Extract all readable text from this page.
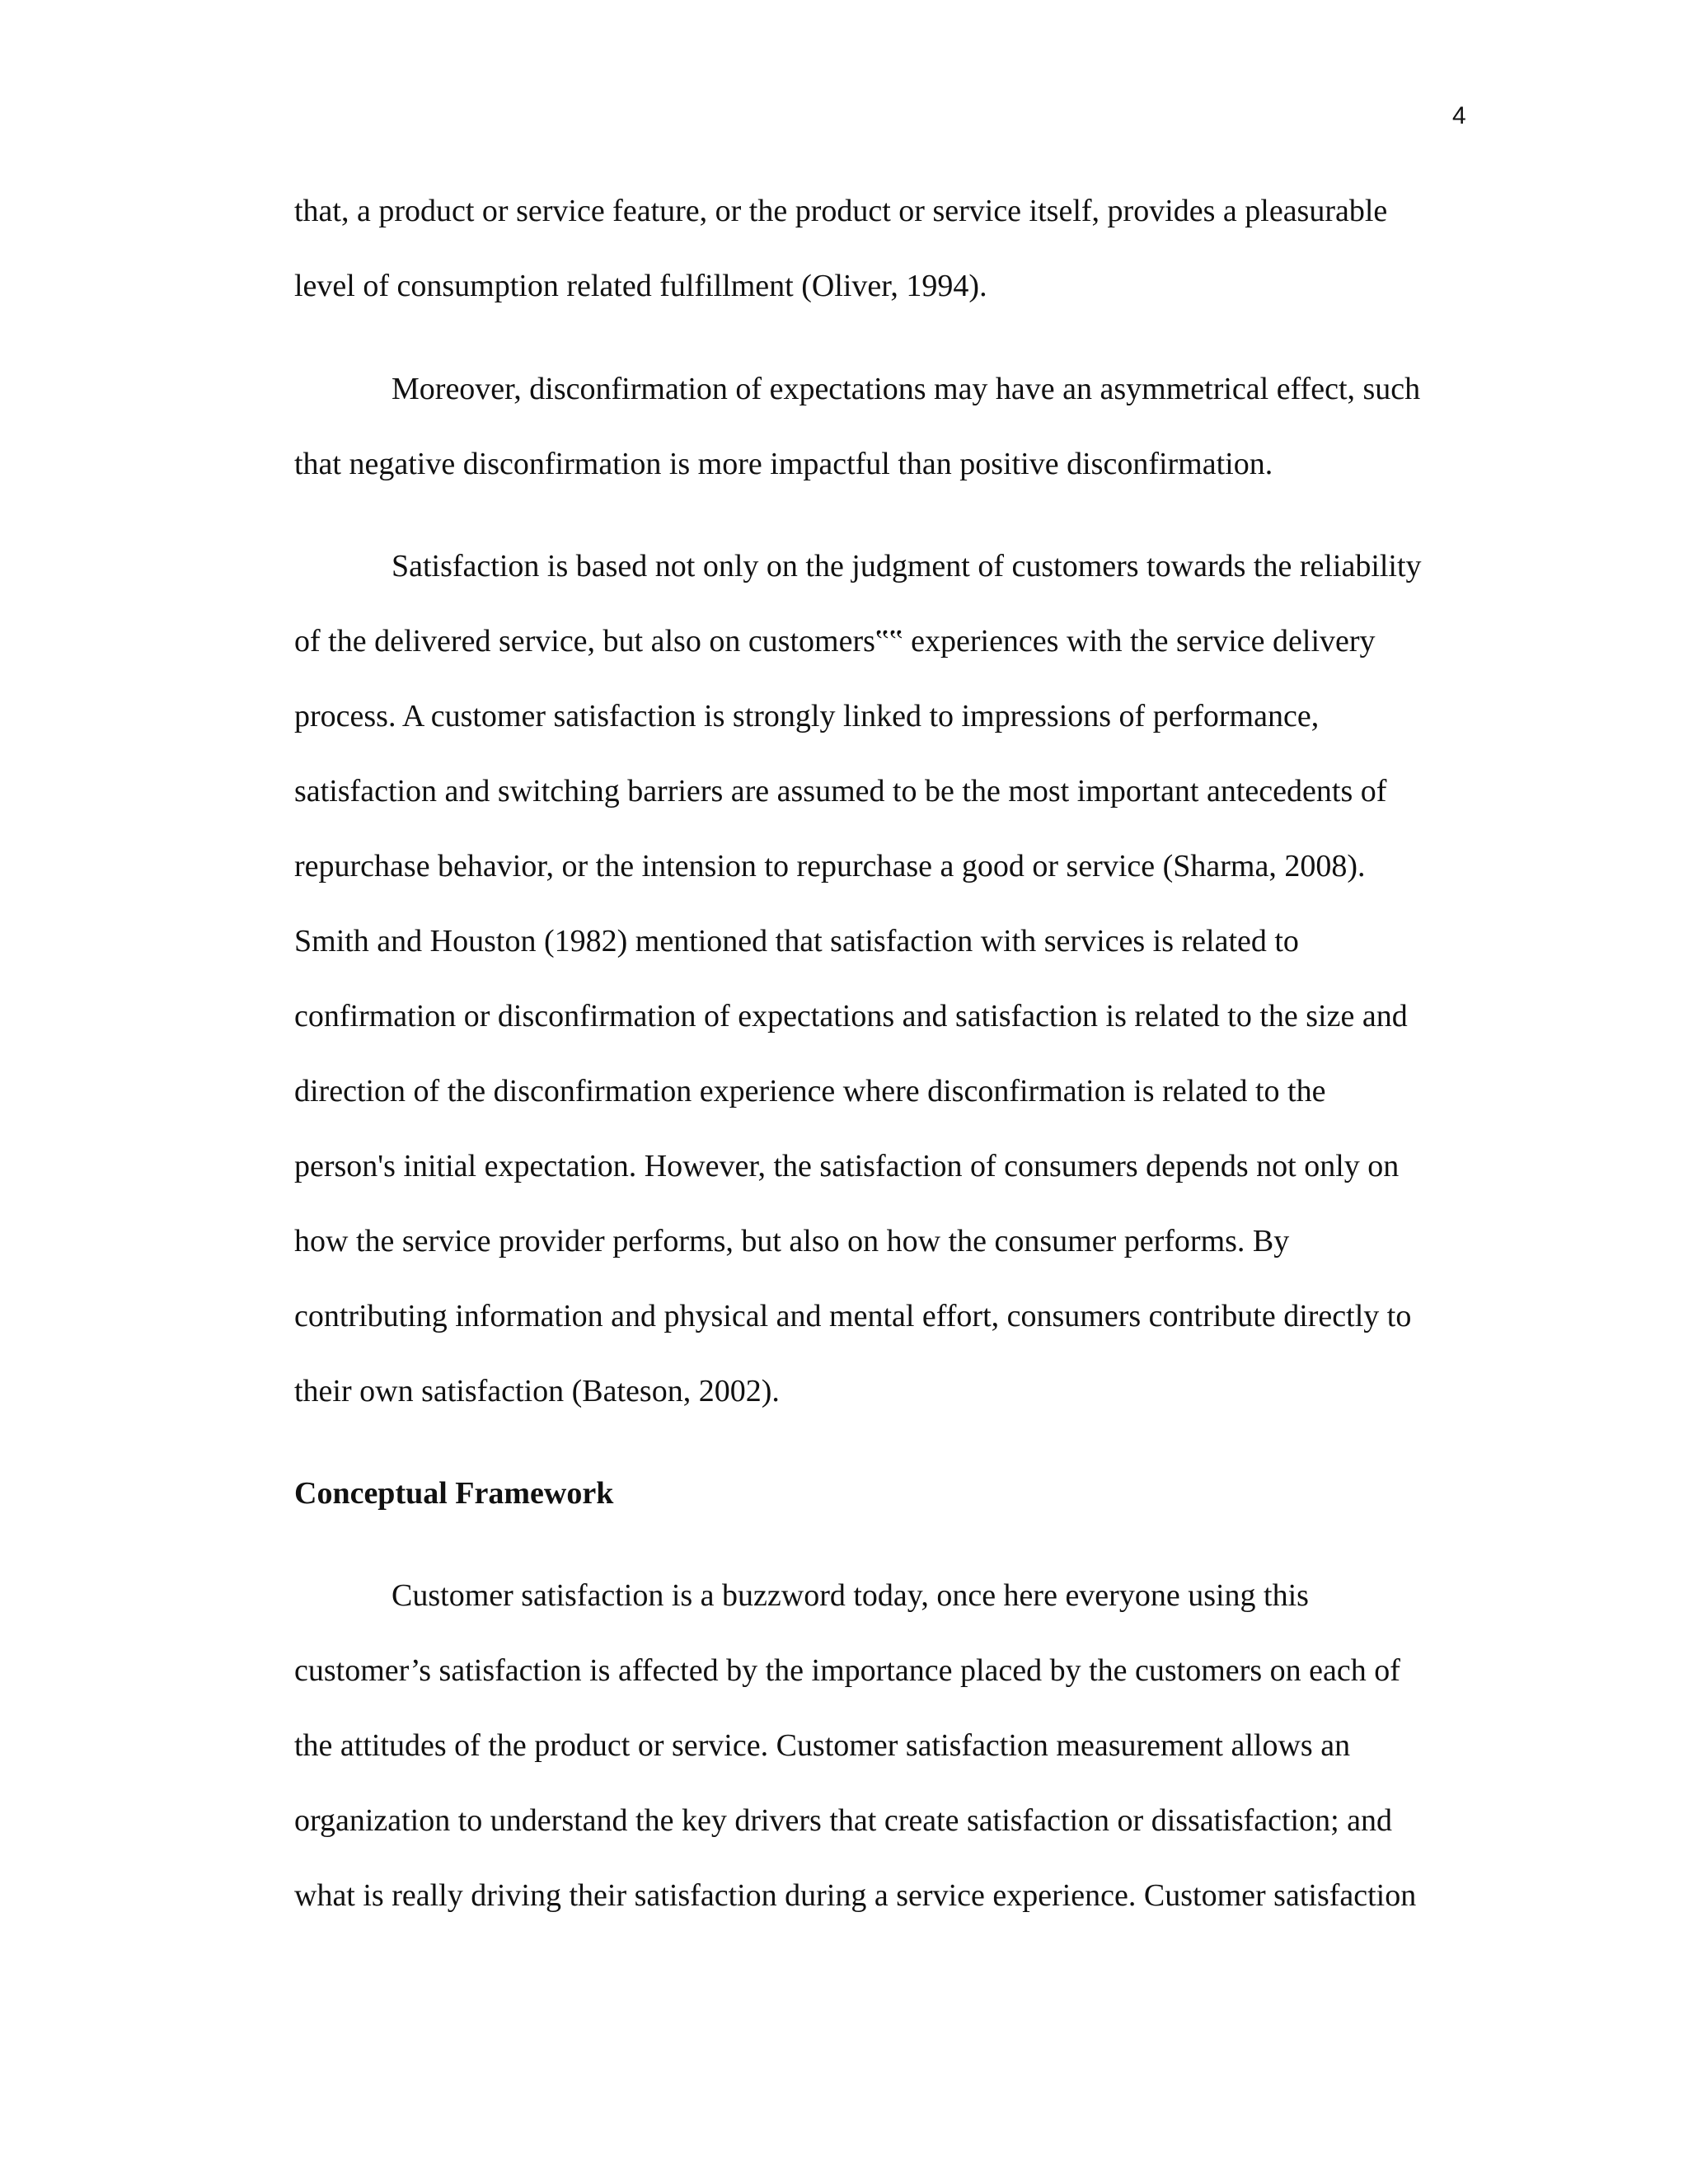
4
that, a product or service feature, or the product or service itself, provides a pleasurable
level of consumption related fulfillment (Oliver, 1994).
Moreover, disconfirmation of expectations may have an asymmetrical effect, such
that negative disconfirmation is more impactful than positive disconfirmation.
Satisfaction is based not only on the judgment of customers towards the reliability
of the delivered service, but also on customers‟‟ experiences with the service delivery
process. A customer satisfaction is strongly linked to impressions of performance,
satisfaction and switching barriers are assumed to be the most important antecedents of
repurchase behavior, or the intension to repurchase a good or service (Sharma, 2008).
Smith and Houston (1982) mentioned that satisfaction with services is related to
confirmation or disconfirmation of expectations and satisfaction is related to the size and
direction of the disconfirmation experience where disconfirmation is related to the
person's initial expectation. However, the satisfaction of consumers depends not only on
how the service provider performs, but also on how the consumer performs. By
contributing information and physical and mental effort, consumers contribute directly to
their own satisfaction (Bateson, 2002).
Conceptual Framework
Customer satisfaction is a buzzword today, once here everyone using this
customer’s satisfaction is affected by the importance placed by the customers on each of
the attitudes of the product or service. Customer satisfaction measurement allows an
organization to understand the key drivers that create satisfaction or dissatisfaction; and
what is really driving their satisfaction during a service experience. Customer satisfaction
